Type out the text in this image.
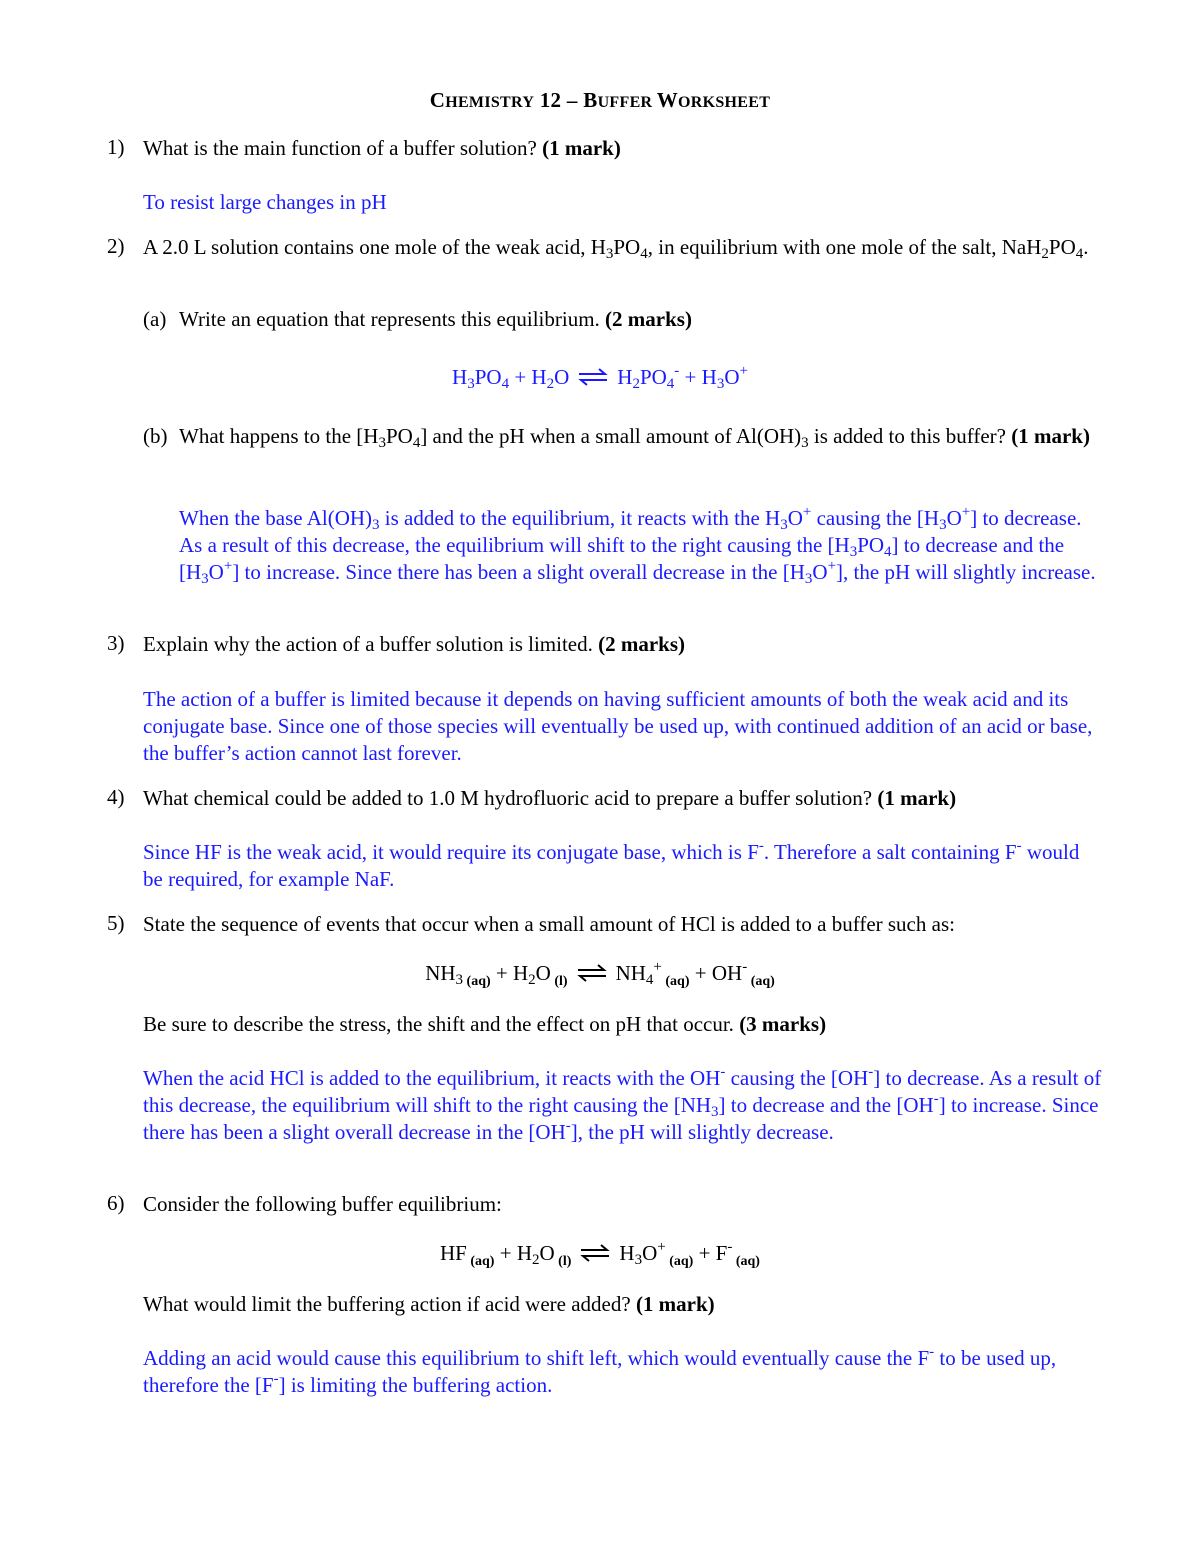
CHEMISTRY 12 – BUFFER WORKSHEET
1) What is the main function of a buffer solution? (1 mark)
To resist large changes in pH
2) A 2.0 L solution contains one mole of the weak acid, $H_3PO_4$, in equilibrium with one mole of the salt, $NaH_2PO_4$.
(a) Write an equation that represents this equilibrium. (2 marks)
$H_3PO_4 + H_2O$ ⇌ $H_2PO_4^- + H_3O^+$
(b) What happens to the $[H_3PO_4]$ and the pH when a small amount of $Al(OH)_3$ is added to this buffer? (1 mark)
When the base $Al(OH)_3$ is added to the equilibrium, it reacts with the $H_3O^+$ causing the $[H_3O^+]$ to decrease. As a result of this decrease, the equilibrium will shift to the right causing the $[H_3PO_4]$ to decrease and the $[H_3O^+]$ to increase. Since there has been a slight overall decrease in the $[H_3O^+]$, the pH will slightly increase.
3) Explain why the action of a buffer solution is limited. (2 marks)
The action of a buffer is limited because it depends on having sufficient amounts of both the weak acid and its conjugate base. Since one of those species will eventually be used up, with continued addition of an acid or base, the buffer’s action cannot last forever.
4) What chemical could be added to 1.0 M hydrofluoric acid to prepare a buffer solution? (1 mark)
Since HF is the weak acid, it would require its conjugate base, which is F-. Therefore a salt containing F- would be required, for example NaF.
5) State the sequence of events that occur when a small amount of HCl is added to a buffer such as:
$NH_3$ $_{(aq)} + H_2O$ $_{(l)}$ ⇌ $NH_4^+$ $_{(aq)}$ + OH- $_{(aq)}$
Be sure to describe the stress, the shift and the effect on pH that occur. (3 marks)
When the acid HCl is added to the equilibrium, it reacts with the OH- causing the [OH-] to decrease. As a result of this decrease, the equilibrium will shift to the right causing the $[NH_3]$ to decrease and the [OH-] to increase. Since there has been a slight overall decrease in the [OH-], the pH will slightly decrease.
6) Consider the following buffer equilibrium:
HF $_{(aq)} + H_2O$ $_{(l)}$ ⇌ $H_3O^+$ $_{(aq)}$ + F- $_{(aq)}$
What would limit the buffering action if acid were added? (1 mark)
Adding an acid would cause this equilibrium to shift left, which would eventually cause the F- to be used up, therefore the [F-] is limiting the buffering action.
